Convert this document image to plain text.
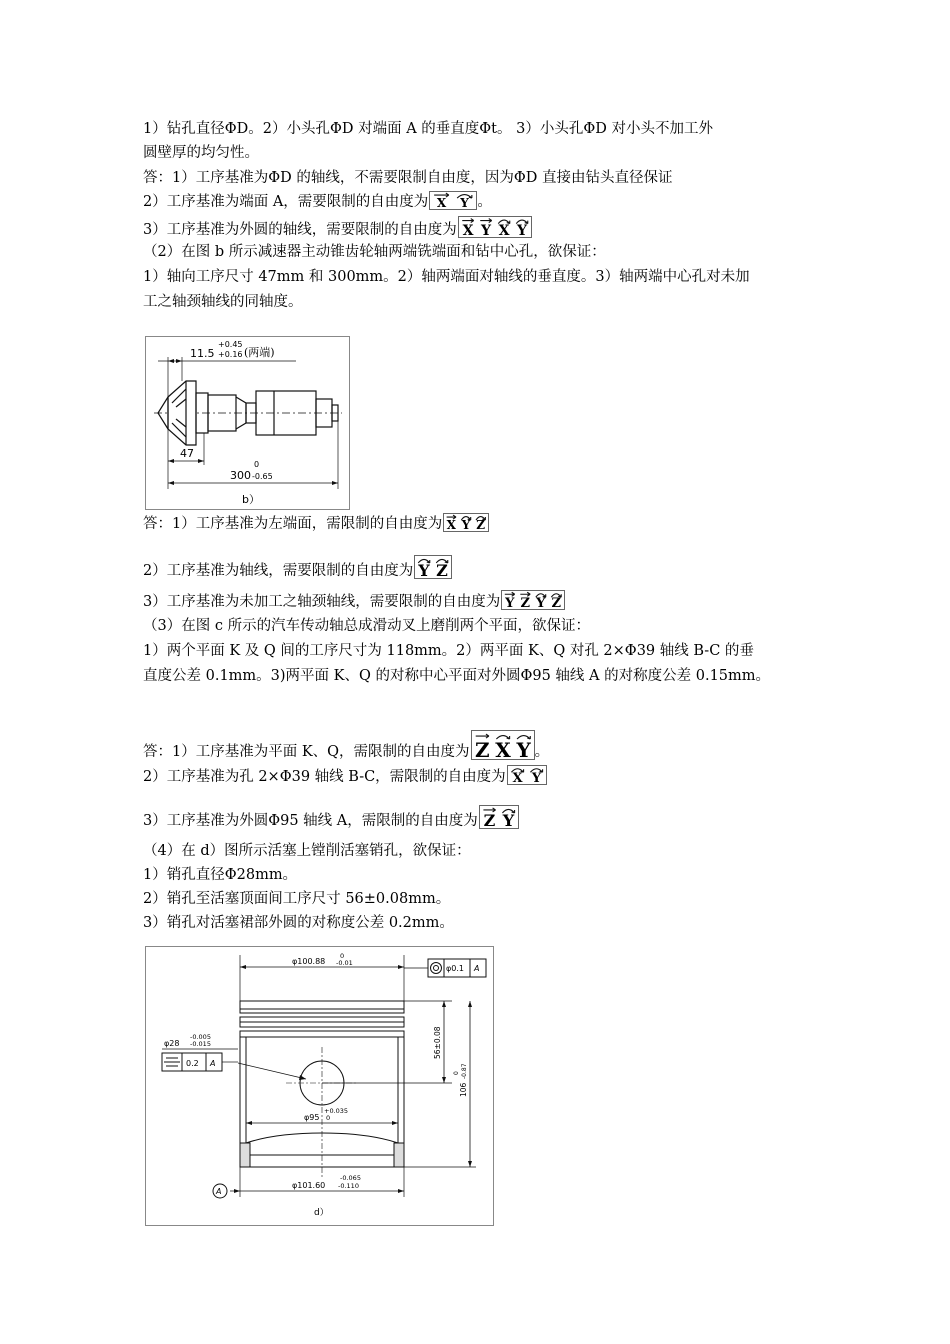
1）钻孔直径ΦD。2）小头孔ΦD 对端面 A 的垂直度Φt。 3）小头孔ΦD 对小头不加工外
圆壁厚的均匀性。
答：1）工序基准为ΦD 的轴线，不需要限制自由度，因为ΦD 直接由钻头直径保证
2）工序基准为端面 A，需要限制的自由度为 X Y 。
3）工序基准为外圆的轴线，需要限制的自由度为 X Y X Y
（2）在图 b 所示减速器主动锥齿轮轴两端铣端面和钻中心孔，欲保证：
1）轴向工序尺寸 47mm 和 300mm。2）轴两端面对轴线的垂直度。3）轴两端中心孔对未加
工之轴颈轴线的同轴度。
+0.45
11.5 +0.16 (两端)
47
0
300 -0.65
b）
答：1）工序基准为左端面，需限制的自由度为 X Y Z
2）工序基准为轴线，需要限制的自由度为 Y Z
3）工序基准为未加工之轴颈轴线，需要限制的自由度为 Y Z Y Z
（3）在图 c 所示的汽车传动轴总成滑动叉上磨削两个平面，欲保证：
1）两个平面 K 及 Q 间的工序尺寸为 118mm。2）两平面 K、Q 对孔 2×Φ39 轴线 B-C 的垂
直度公差 0.1mm。3)两平面 K、Q 的对称中心平面对外圆Φ95 轴线 A 的对称度公差 0.15mm。
答：1）工序基准为平面 K、Q，需限制的自由度为 Z X Y 。
2）工序基准为孔 2×Φ39 轴线 B-C，需限制的自由度为 X Y
3）工序基准为外圆Φ95 轴线 A，需限制的自由度为 Z Y
（4）在 d）图所示活塞上镗削活塞销孔，欲保证：
1）销孔直径Φ28mm。
2）销孔至活塞顶面间工序尺寸 56±0.08mm。
3）销孔对活塞裙部外圆的对称度公差 0.2mm。
φ100.88
0
-0.01
φ0.1 A
φ28
-0.005
-0.015
0.2 A
56±0.08
106
0 -0.87
φ95
+0.035
0
φ101.60
-0.065
-0.110
A
d）
